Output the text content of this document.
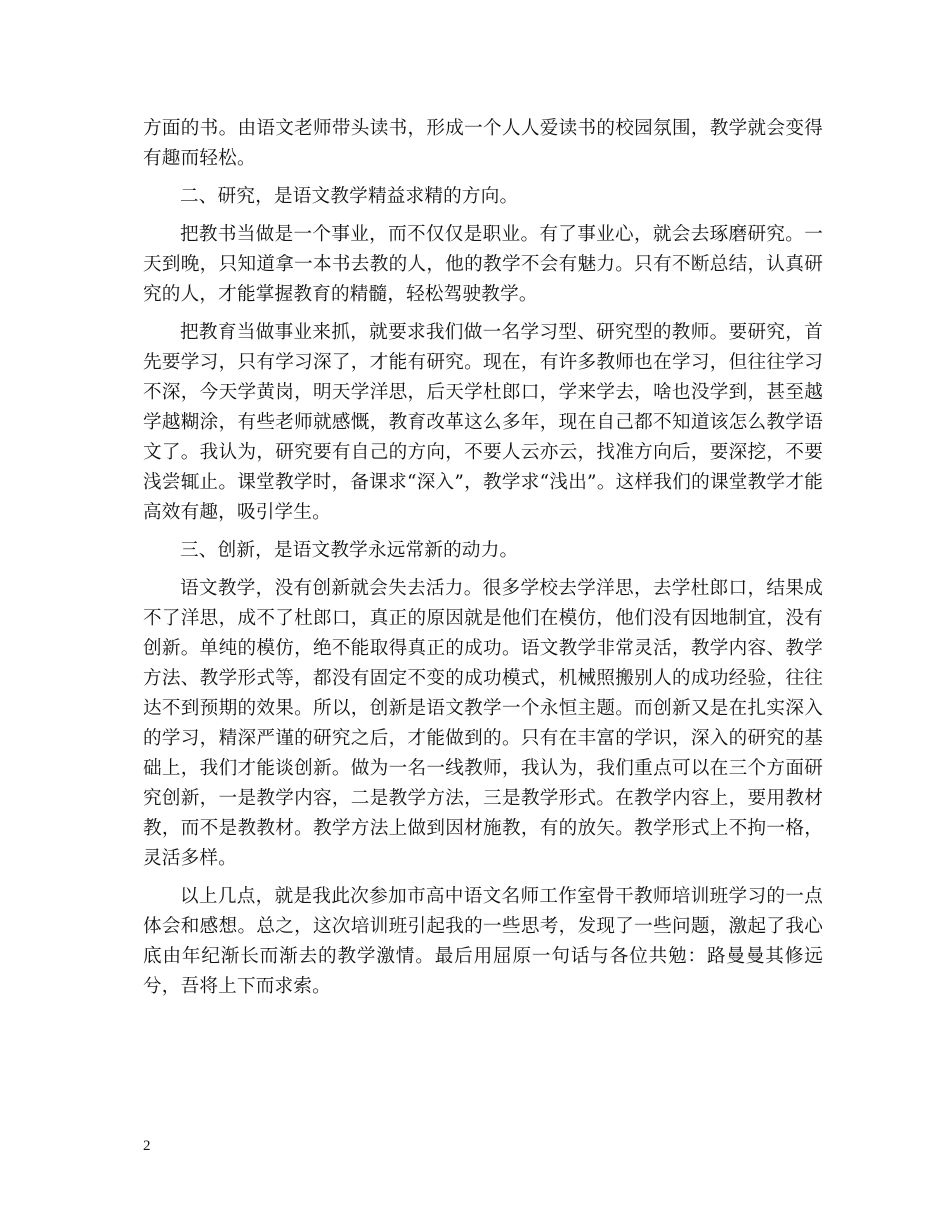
方面的书。由语文老师带头读书，形成一个人人爱读书的校园氛围，教学就会变得有趣而轻松。

二、研究，是语文教学精益求精的方向。

把教书当做是一个事业，而不仅仅是职业。有了事业心，就会去琢磨研究。一天到晚，只知道拿一本书去教的人，他的教学不会有魅力。只有不断总结，认真研究的人，才能掌握教育的精髓，轻松驾驶教学。

把教育当做事业来抓，就要求我们做一名学习型、研究型的教师。要研究，首先要学习，只有学习深了，才能有研究。现在，有许多教师也在学习，但往往学习不深，今天学黄岗，明天学洋思，后天学杜郎口，学来学去，啥也没学到，甚至越学越糊涂，有些老师就感慨，教育改革这么多年，现在自己都不知道该怎么教学语文了。我认为，研究要有自己的方向，不要人云亦云，找准方向后，要深挖，不要浅尝辄止。课堂教学时，备课求“深入”，教学求“浅出”。这样我们的课堂教学才能高效有趣，吸引学生。

三、创新，是语文教学永远常新的动力。

语文教学，没有创新就会失去活力。很多学校去学洋思，去学杜郎口，结果成不了洋思，成不了杜郎口，真正的原因就是他们在模仿，他们没有因地制宜，没有创新。单纯的模仿，绝不能取得真正的成功。语文教学非常灵活，教学内容、教学方法、教学形式等，都没有固定不变的成功模式，机械照搬别人的成功经验，往往达不到预期的效果。所以，创新是语文教学一个永恒主题。而创新又是在扎实深入的学习，精深严谨的研究之后，才能做到的。只有在丰富的学识，深入的研究的基础上，我们才能谈创新。做为一名一线教师，我认为，我们重点可以在三个方面研究创新，一是教学内容，二是教学方法，三是教学形式。在教学内容上，要用教材教，而不是教教材。教学方法上做到因材施教，有的放矢。教学形式上不拘一格，灵活多样。

以上几点，就是我此次参加市高中语文名师工作室骨干教师培训班学习的一点体会和感想。总之，这次培训班引起我的一些思考，发现了一些问题，激起了我心底由年纪渐长而渐去的教学激情。最后用屈原一句话与各位共勉：路曼曼其修远兮，吾将上下而求索。

2
